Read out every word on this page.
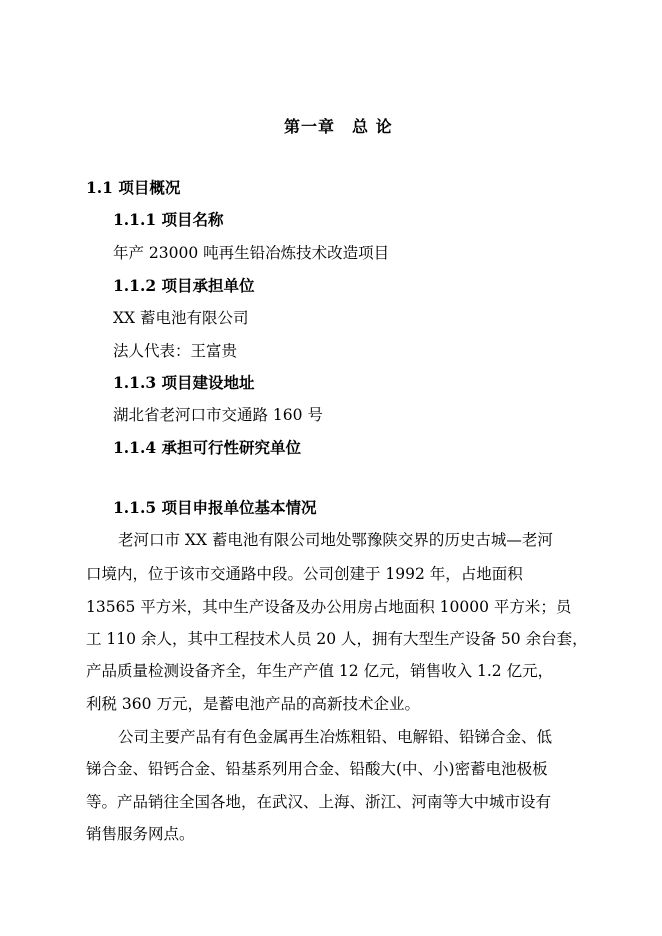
第一章　总 论
1.1 项目概况
1.1.1 项目名称
年产 23000 吨再生铅冶炼技术改造项目
1.1.2 项目承担单位
XX 蓄电池有限公司
法人代表：王富贵
1.1.3 项目建设地址
湖北省老河口市交通路 160 号
1.1.4 承担可行性研究单位
1.1.5 项目申报单位基本情况
老河口市 XX 蓄电池有限公司地处鄂豫陕交界的历史古城—老河
口境内，位于该市交通路中段。公司创建于 1992 年，占地面积
13565 平方米，其中生产设备及办公用房占地面积 10000 平方米；员
工 110 余人，其中工程技术人员 20 人，拥有大型生产设备 50 余台套，
产品质量检测设备齐全，年生产产值 12 亿元，销售收入 1.2 亿元，
利税 360 万元，是蓄电池产品的高新技术企业。
公司主要产品有有色金属再生冶炼粗铅、电解铅、铅锑合金、低
锑合金、铅钙合金、铅基系列用合金、铅酸大(中、小)密蓄电池极板
等。产品销往全国各地，在武汉、上海、浙江、河南等大中城市设有
销售服务网点。
